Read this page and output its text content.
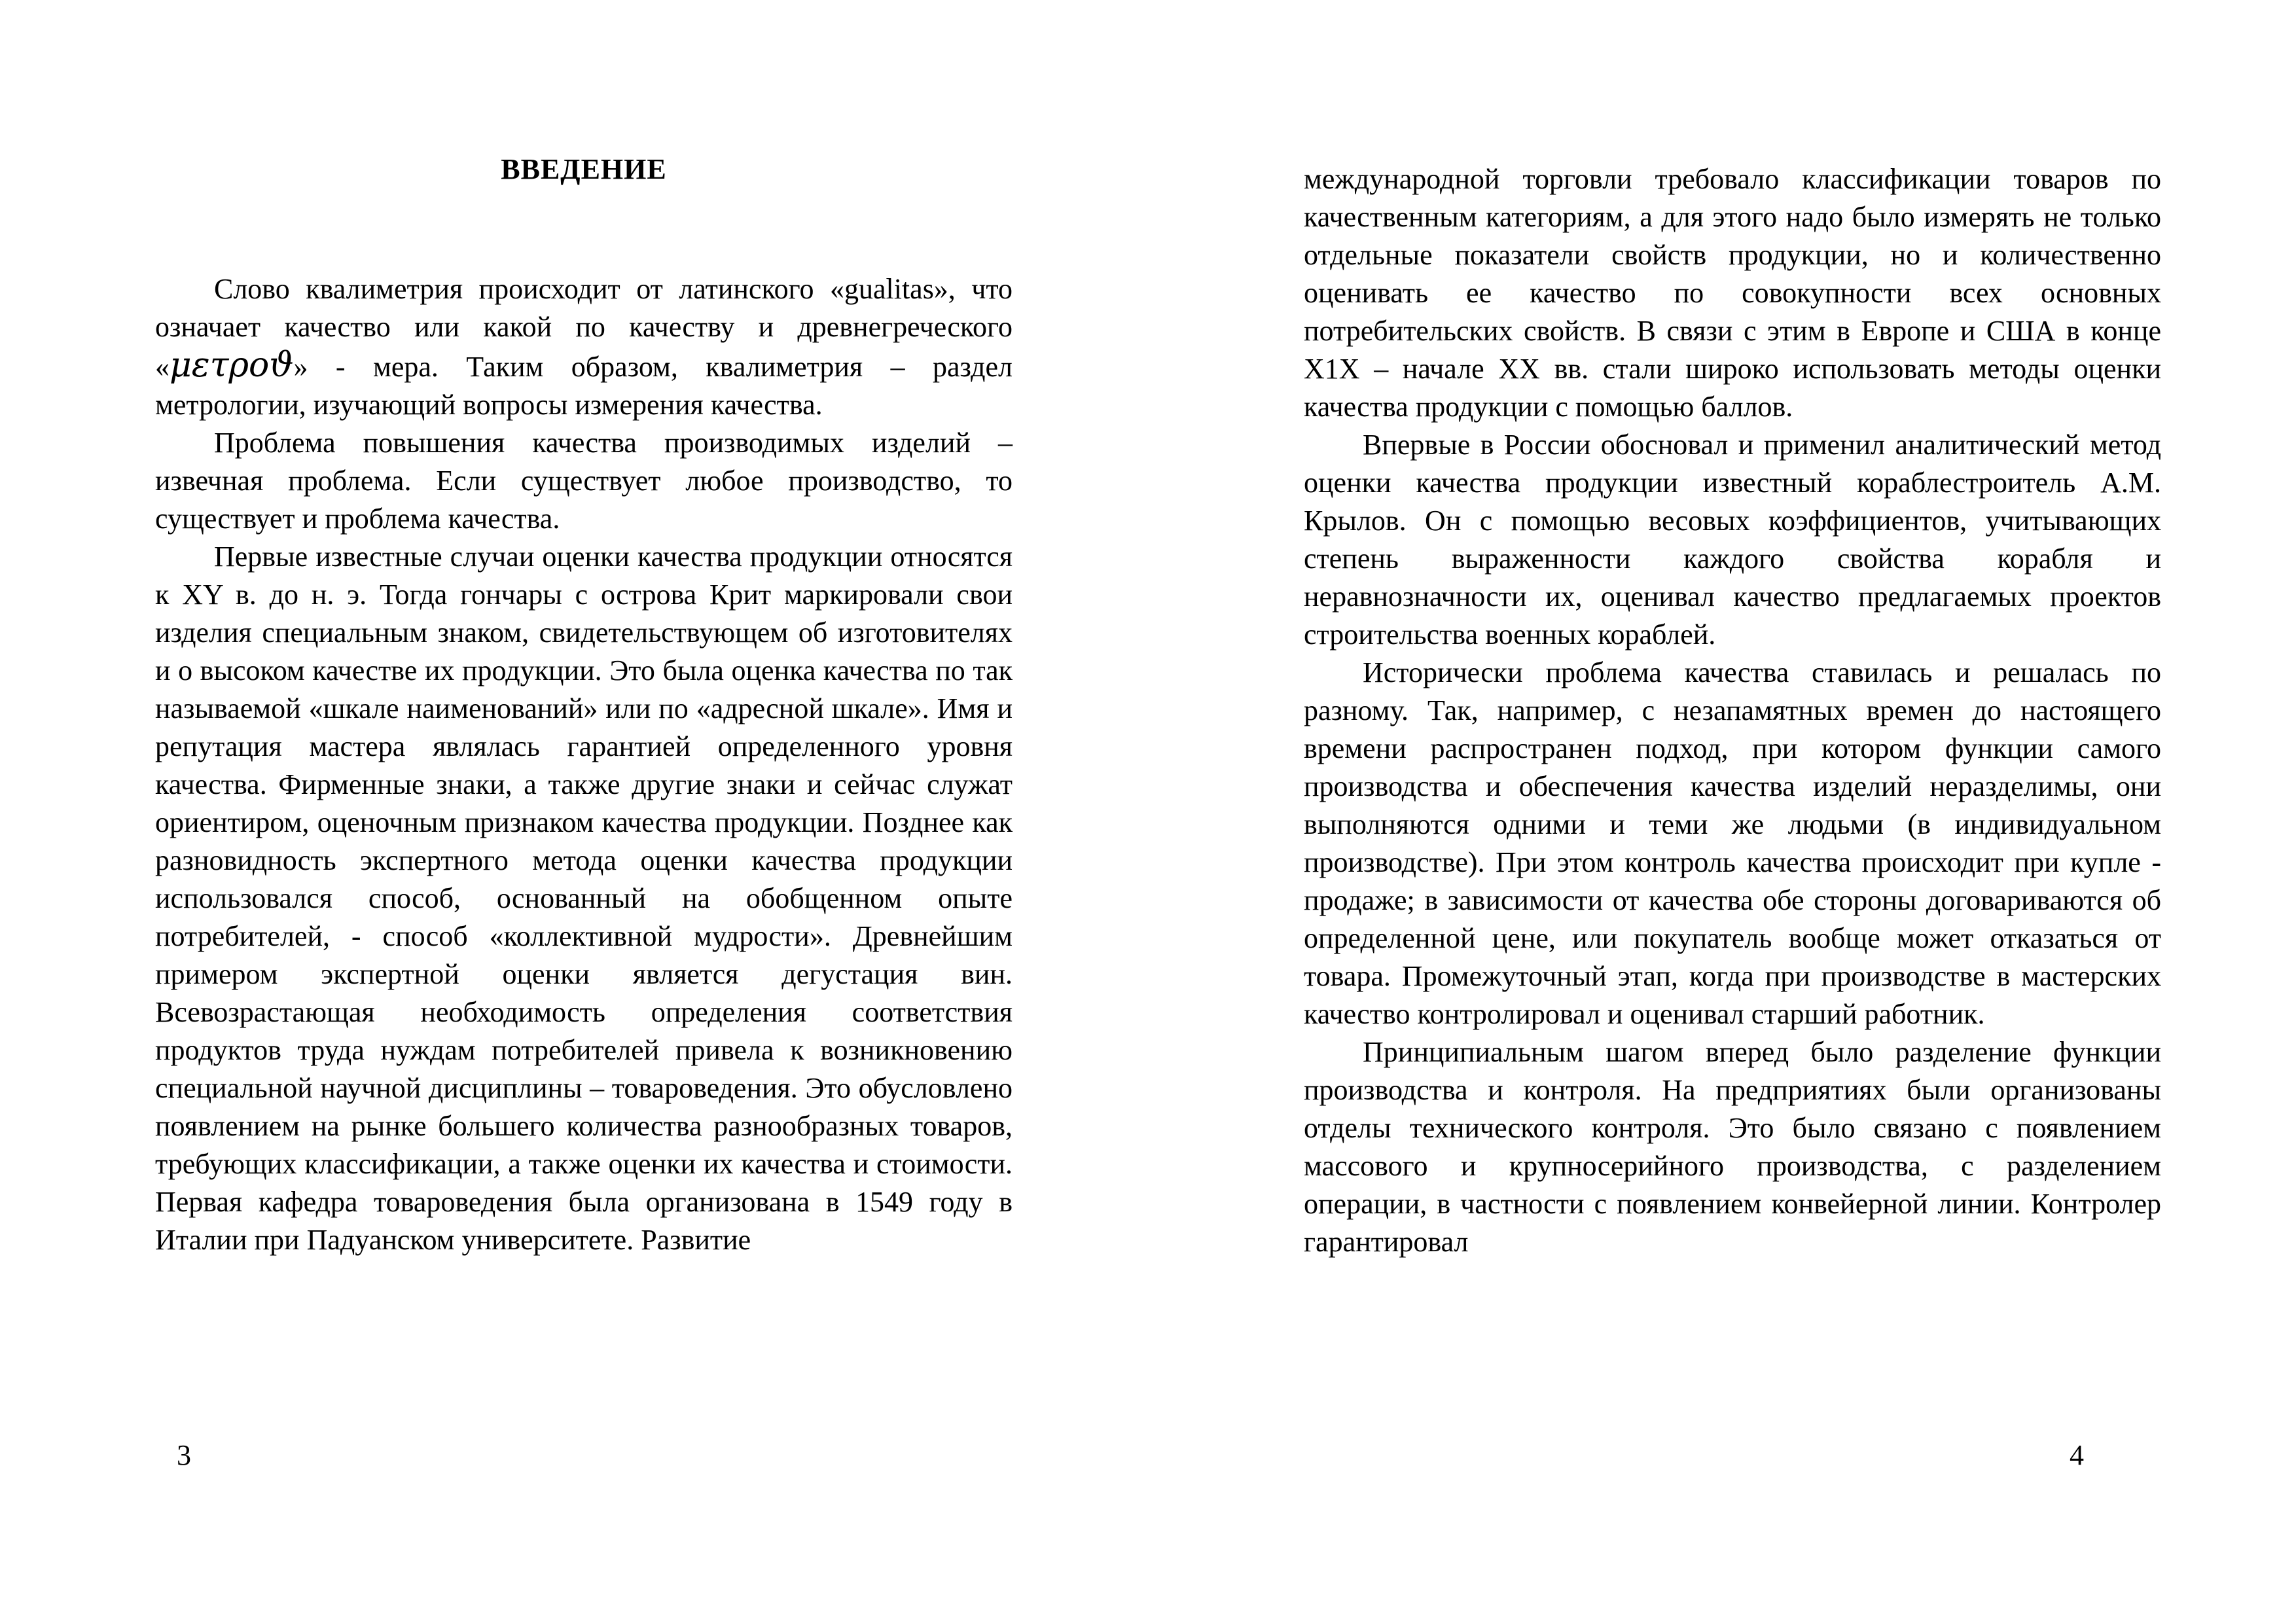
ВВЕДЕНИЕ

Слово квалиметрия происходит от латинского «gualitas», что означает качество или какой по качеству и древнегреческого «μετροϑ» - мера. Таким образом, квалиметрия – раздел метрологии, изучающий вопросы измерения качества.

Проблема повышения качества производимых изделий – извечная проблема. Если существует любое производство, то существует и проблема качества.

Первые известные случаи оценки качества продукции относятся к XY в. до н. э. Тогда гончары с острова Крит маркировали свои изделия специальным знаком, свидетельствующем об изготовителях и о высоком качестве их продукции. Это была оценка качества по так называемой «шкале наименований» или по «адресной шкале». Имя и репутация мастера являлась гарантией определенного уровня качества. Фирменные знаки, а также другие знаки и сейчас служат ориентиром, оценочным признаком качества продукции. Позднее как разновидность экспертного метода оценки качества продукции использовался способ, основанный на обобщенном опыте потребителей, - способ «коллективной мудрости». Древнейшим примером экспертной оценки является дегустация вин. Всевозрастающая необходимость определения соответствия продуктов труда нуждам потребителей привела к возникновению специальной научной дисциплины – товароведения. Это обусловлено появлением на рынке большего количества разнообразных товаров, требующих классификации, а также оценки их качества и стоимости. Первая кафедра товароведения была организована в 1549 году в Италии при Падуанском университете. Развитие

3

международной торговли требовало классификации товаров по качественным категориям, а для этого надо было измерять не только отдельные показатели свойств продукции, но и количественно оценивать ее качество по совокупности всех основных потребительских свойств. В связи с этим в Европе и США в конце Х1Х – начале ХХ вв. стали широко использовать методы оценки качества продукции с помощью баллов.

Впервые в России обосновал и применил аналитический метод оценки качества продукции известный кораблестроитель А.М. Крылов. Он с помощью весовых коэффициентов, учитывающих степень выраженности каждого свойства корабля и неравнозначности их, оценивал качество предлагаемых проектов строительства военных кораблей.

Исторически проблема качества ставилась и решалась по разному. Так, например, с незапамятных времен до настоящего времени распространен подход, при котором функции самого производства и обеспечения качества изделий неразделимы, они выполняются одними и теми же людьми (в индивидуальном производстве). При этом контроль качества происходит при купле - продаже; в зависимости от качества обе стороны договариваются об определенной цене, или покупатель вообще может отказаться от товара. Промежуточный этап, когда при производстве в мастерских качество контролировал и оценивал старший работник.

Принципиальным шагом вперед было разделение функции производства и контроля. На предприятиях были организованы отделы технического контроля. Это было связано с появлением массового и крупносерийного производства, с разделением операции, в частности с появлением конвейерной линии. Контролер гарантировал

4
